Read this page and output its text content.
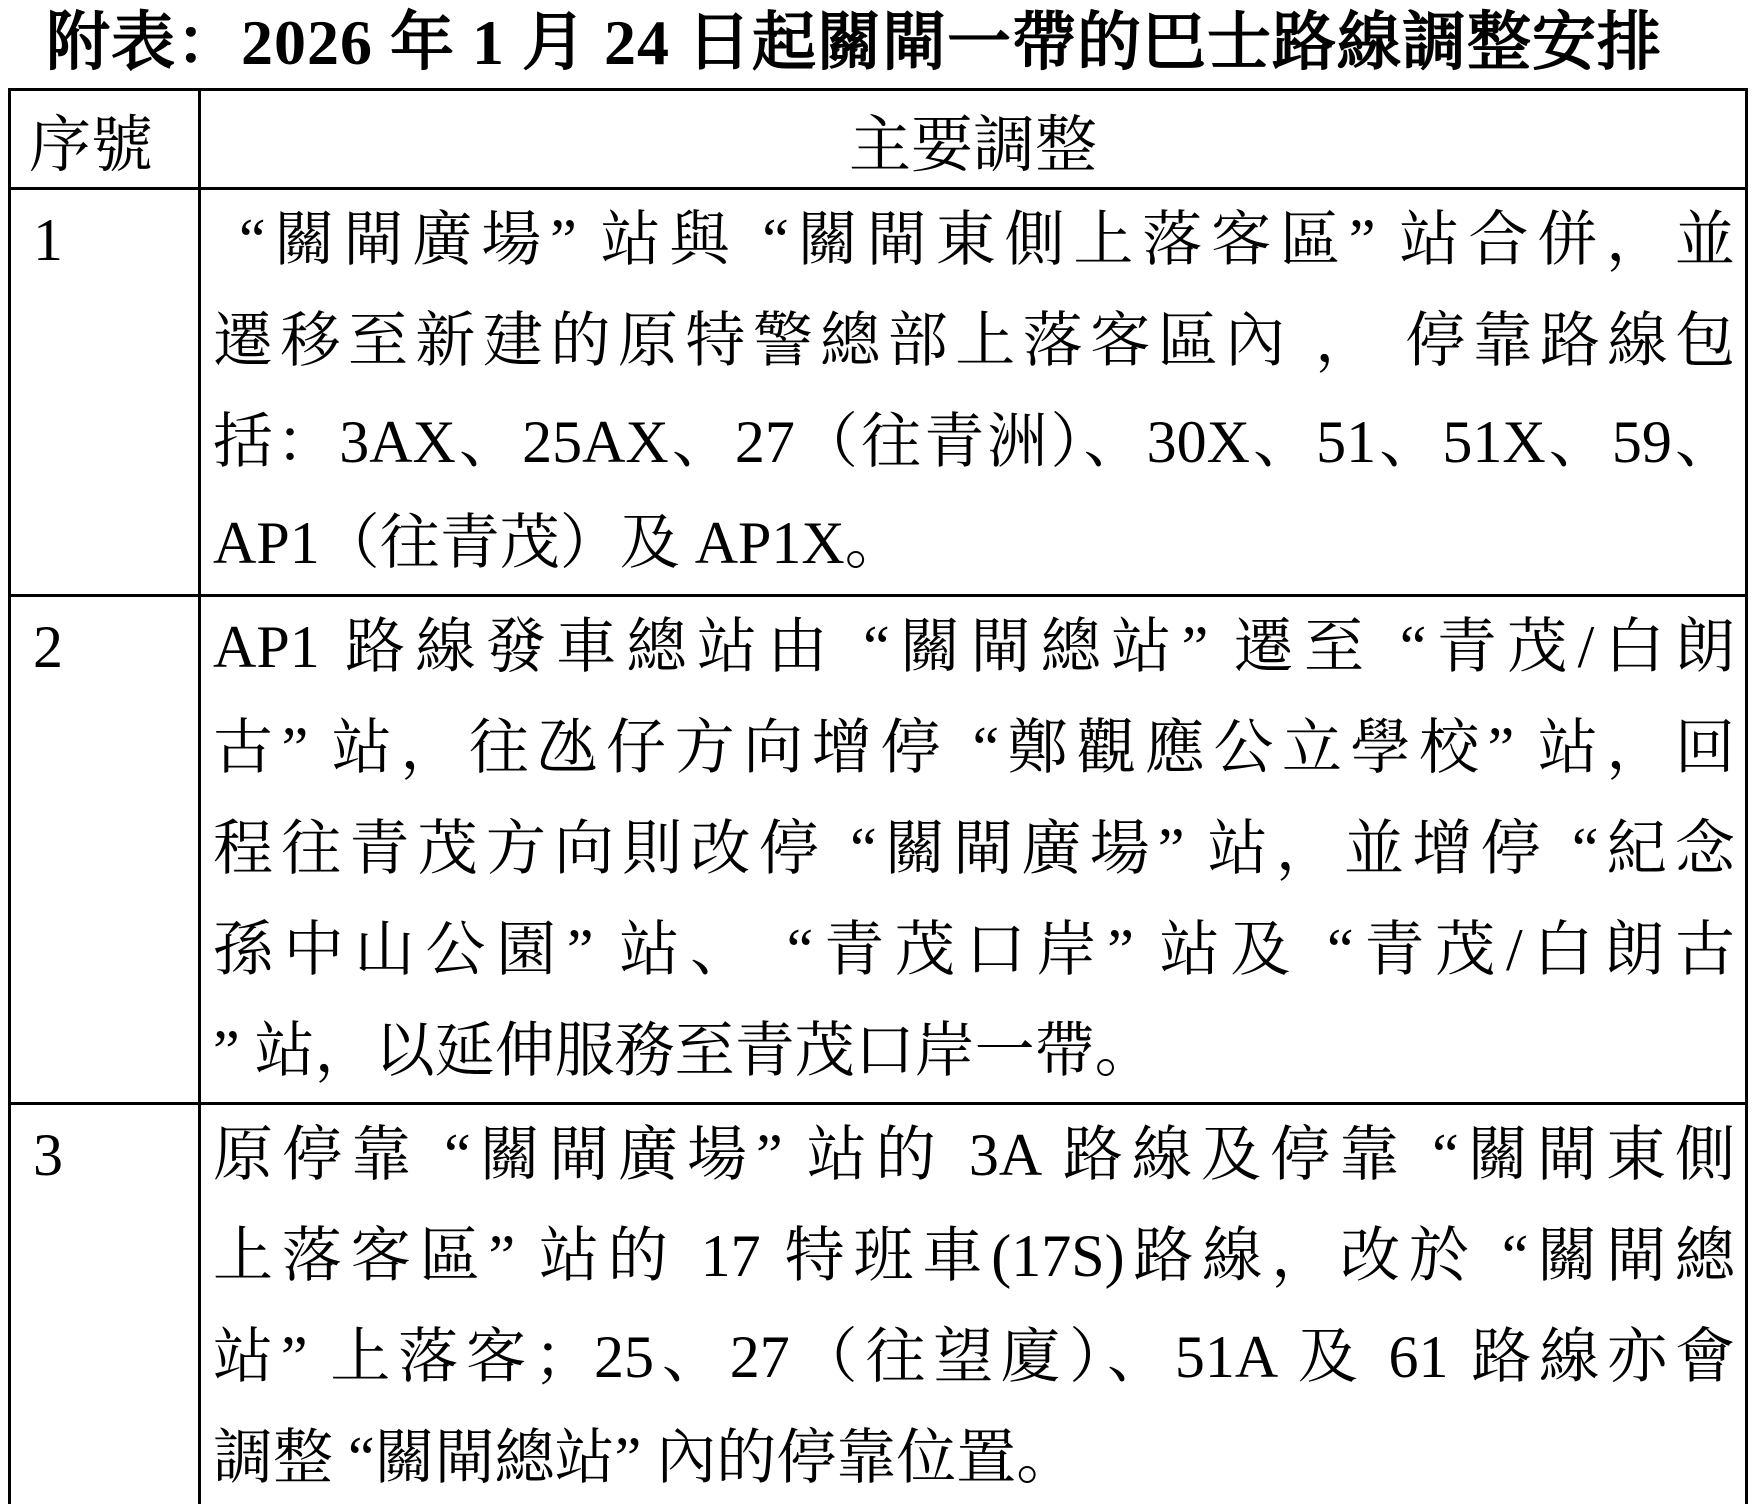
附表：2026 年 1 月 24 日起關閘一帶的巴士路線調整安排
序號	主要調整

1	“關閘廣場” 站與 “關閘東側上落客區” 站合併，並
遷移至新建的原特警總部上落客區內 ， 停靠路線包
括：3AX、25AX、27（往青洲）、30X、51、51X、59、
AP1（往青茂）及 AP1X。

2	AP1 路線發車總站由 “關閘總站” 遷至 “青茂/白朗
古” 站，往氹仔方向增停 “鄭觀應公立學校” 站，回
程往青茂方向則改停 “關閘廣場” 站，並增停 “紀念
孫中山公園” 站、 “青茂口岸” 站及 “青茂/白朗古
” 站，以延伸服務至青茂口岸一帶。

3	原停靠 “關閘廣場” 站的 3A 路線及停靠 “關閘東側
上落客區” 站的 17 特班車(17S)路線，改於 “關閘總
站” 上落客；25、27（往望廈）、51A 及 61 路線亦會
調整 “關閘總站” 內的停靠位置。
